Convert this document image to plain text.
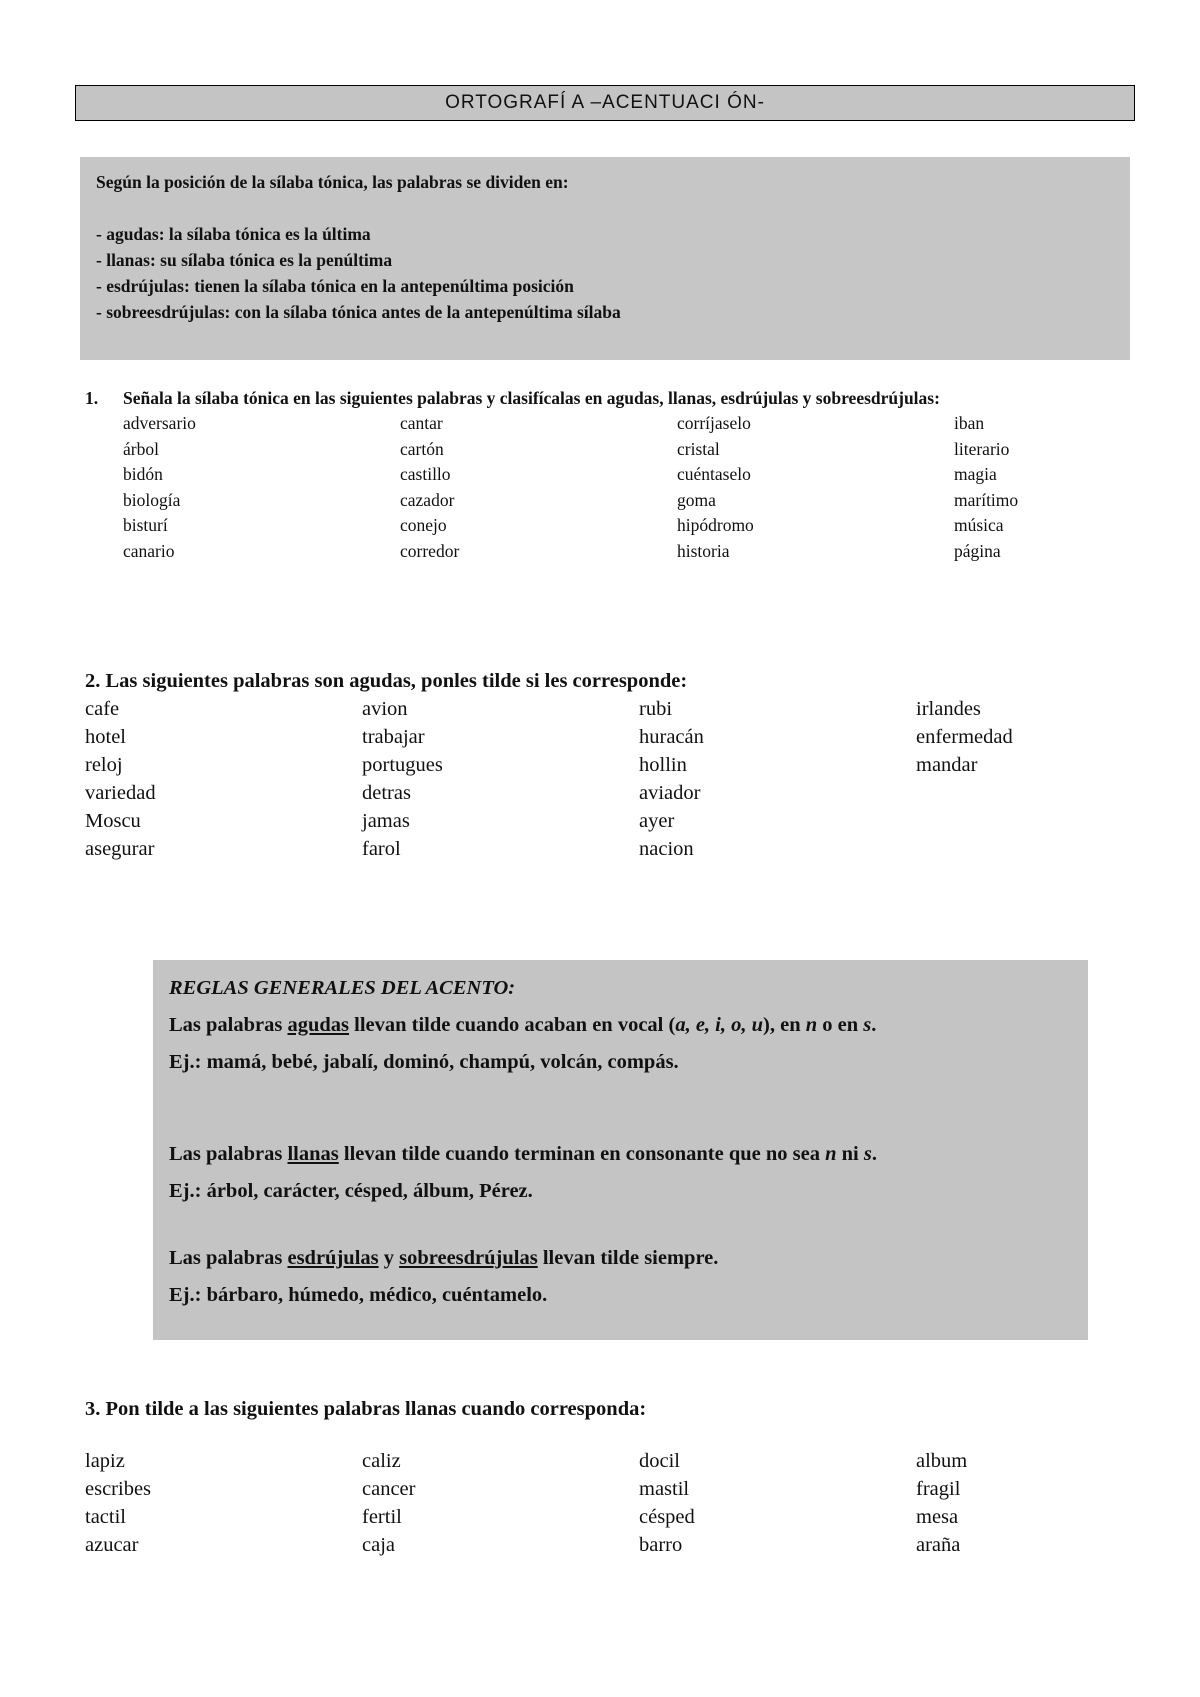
ORTOGRAFÍ A –ACENTUACI ÓN-

Según la posición de la sílaba tónica, las palabras se dividen en:

- agudas: la sílaba tónica es la última

- llanas: su sílaba tónica es la penúltima

- esdrújulas: tienen la sílaba tónica en la antepenúltima posición

- sobreesdrújulas: con la sílaba tónica antes de la antepenúltima sílaba

1.	Señala la sílaba tónica en las siguientes palabras y clasifícalas en agudas, llanas, esdrújulas y sobreesdrújulas:
adversario	cantar	corríjaselo	iban
árbol	cartón	cristal	literario
bidón	castillo	cuéntaselo	magia
biología	cazador	goma	marítimo
bisturí	conejo	hipódromo	música
canario	corredor	historia	página

2. Las siguientes palabras son agudas, ponles tilde si les corresponde:

cafe	avion	rubi	irlandes
hotel	trabajar	huracán	enfermedad
reloj	portugues	hollin	mandar
variedad	detras	aviador
Moscu	jamas	ayer
asegurar	farol	nacion

REGLAS GENERALES DEL ACENTO:

Las palabras agudas llevan tilde cuando acaban en vocal (a, e, i, o, u), en n o en s.

Ej.: mamá, bebé, jabalí, dominó, champú, volcán, compás.

Las palabras llanas llevan tilde cuando terminan en consonante que no sea n ni s.

Ej.: árbol, carácter, césped, álbum, Pérez.

Las palabras esdrújulas y sobreesdrújulas llevan tilde siempre.

Ej.: bárbaro, húmedo, médico, cuéntamelo.

3. Pon tilde a las siguientes palabras llanas cuando corresponda:

lapiz	caliz	docil	album
escribes	cancer	mastil	fragil
tactil	fertil	césped	mesa
azucar	caja	barro	araña
